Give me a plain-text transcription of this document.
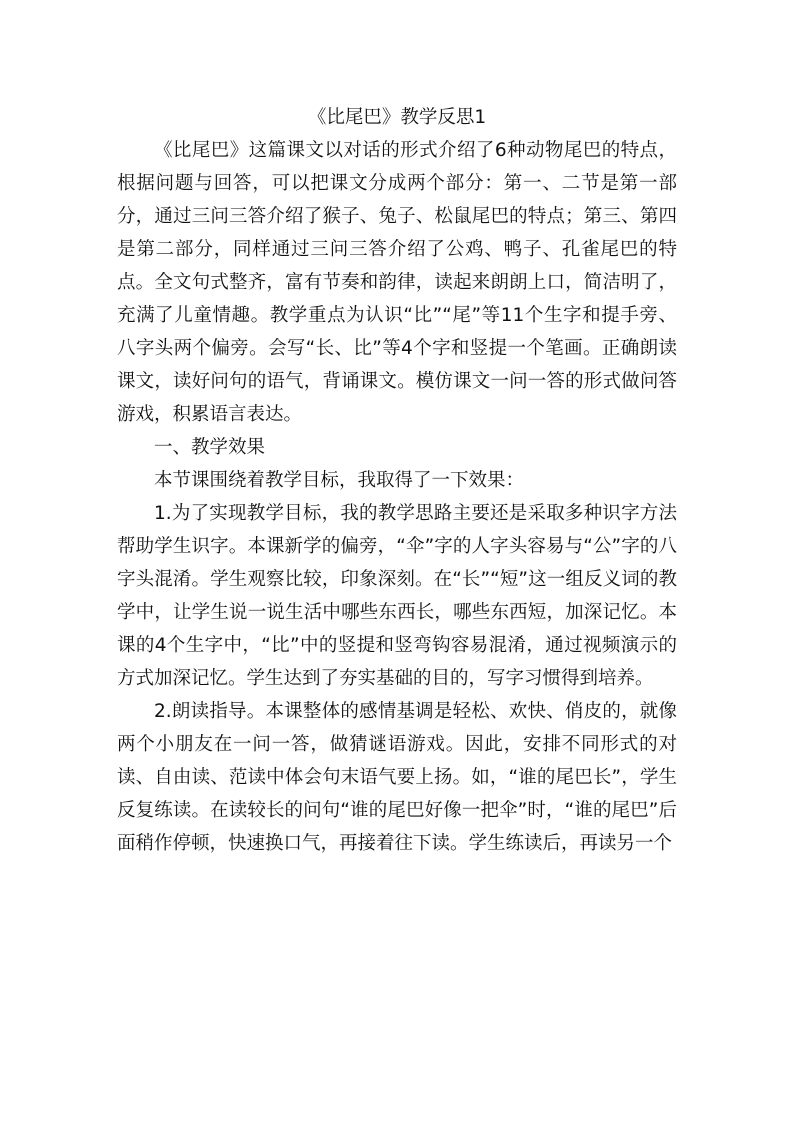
《比尾巴》教学反思1

《比尾巴》这篇课文以对话的形式介绍了6种动物尾巴的特点，根据问题与回答，可以把课文分成两个部分：第一、二节是第一部分，通过三问三答介绍了猴子、兔子、松鼠尾巴的特点；第三、第四是第二部分，同样通过三问三答介绍了公鸡、鸭子、孔雀尾巴的特点。全文句式整齐，富有节奏和韵律，读起来朗朗上口，简洁明了，充满了儿童情趣。教学重点为认识“比”“尾”等11个生字和提手旁、八字头两个偏旁。会写“长、比”等4个字和竖提一个笔画。正确朗读课文，读好问句的语气，背诵课文。模仿课文一问一答的形式做问答游戏，积累语言表达。

一、教学效果

本节课围绕着教学目标，我取得了一下效果：

1.为了实现教学目标，我的教学思路主要还是采取多种识字方法帮助学生识字。本课新学的偏旁，“伞”字的人字头容易与“公”字的八字头混淆。学生观察比较，印象深刻。在“长”“短”这一组反义词的教学中，让学生说一说生活中哪些东西长，哪些东西短，加深记忆。本课的4个生字中，“比”中的竖提和竖弯钩容易混淆，通过视频演示的方式加深记忆。学生达到了夯实基础的目的，写字习惯得到培养。

2.朗读指导。本课整体的感情基调是轻松、欢快、俏皮的，就像两个小朋友在一问一答，做猜谜语游戏。因此，安排不同形式的对读、自由读、范读中体会句末语气要上扬。如，“谁的尾巴长”，学生反复练读。在读较长的问句“谁的尾巴好像一把伞”时，“谁的尾巴”后面稍作停顿，快速换口气，再接着往下读。学生练读后，再读另一个
